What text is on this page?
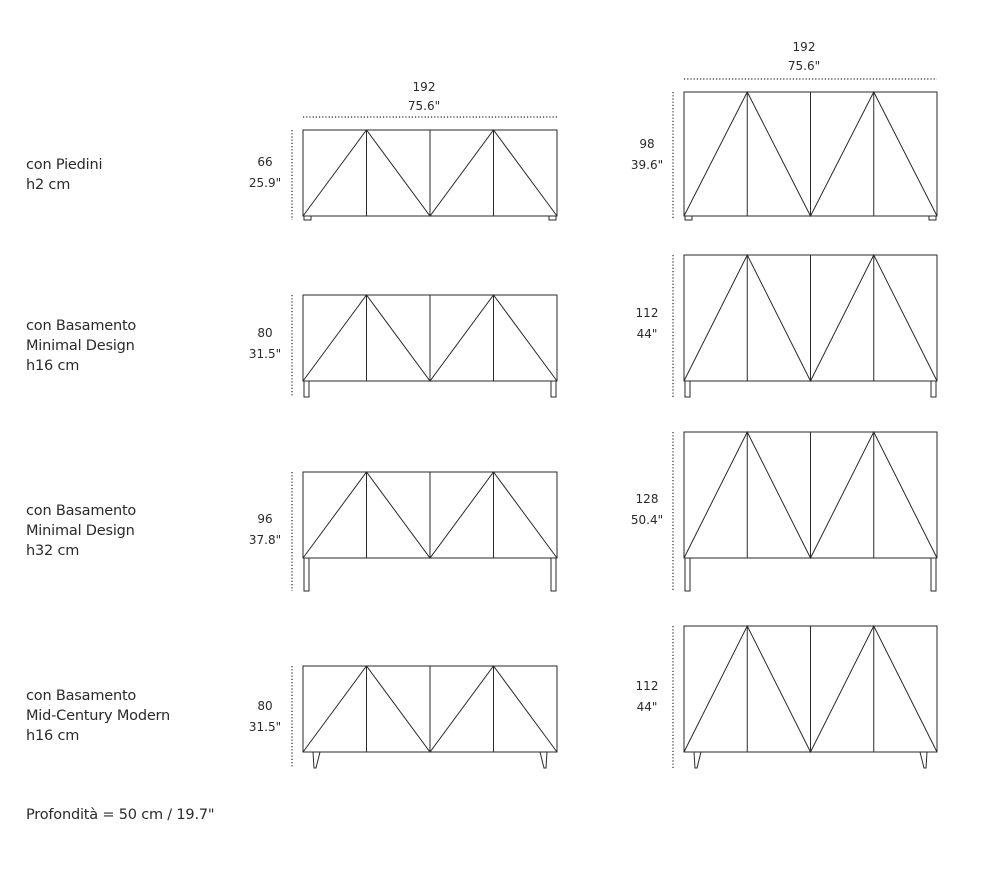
con Piedini
h2 cm
con Basamento
Minimal Design
h16 cm
con Basamento
Minimal Design
h32 cm
con Basamento
Mid-Century Modern
h16 cm
192
75.6"
192
75.6"
66
25.9"
80
31.5"
96
37.8"
80
31.5"
98
39.6"
112
44"
128
50.4"
112
44"
Profondità = 50 cm / 19.7"
